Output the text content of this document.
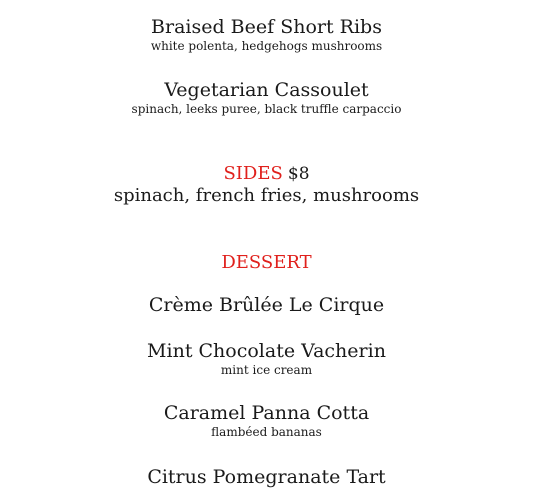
Braised Beef Short Ribs
white polenta, hedgehogs mushrooms
Vegetarian Cassoulet
spinach, leeks puree, black truffle carpaccio
SIDES $8
spinach, french fries, mushrooms
DESSERT
Crème Brûlée Le Cirque
Mint Chocolate Vacherin
mint ice cream
Caramel Panna Cotta
flambéed bananas
Citrus Pomegranate Tart
